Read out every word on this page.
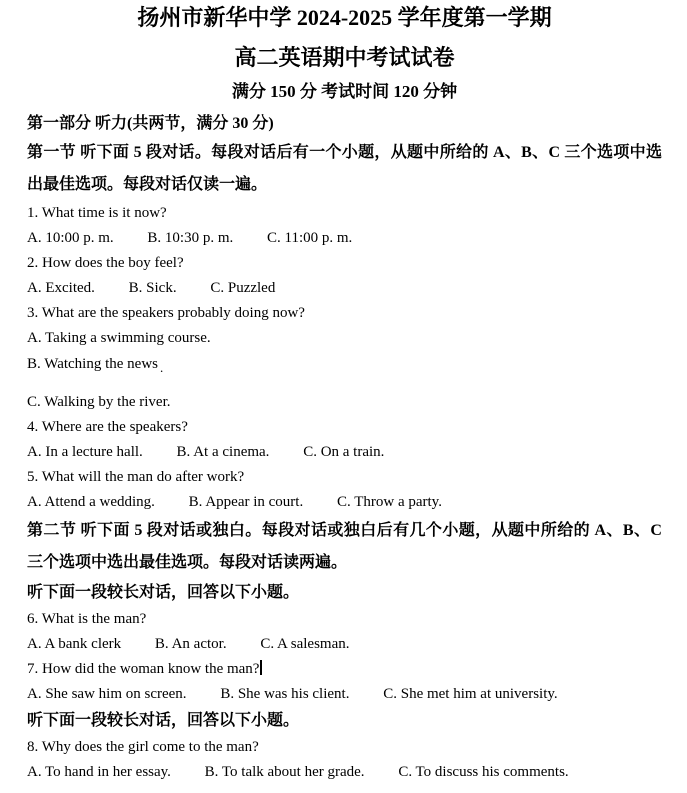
扬州市新华中学 2024-2025 学年度第一学期
高二英语期中考试试卷

满分 150 分 考试时间 120 分钟

第一部分 听力(共两节，满分 30 分)

第一节 听下面 5 段对话。每段对话后有一个小题，从题中所给的 A、B、C 三个选项中选出最佳选项。每段对话仅读一遍。

1. What time is it now?

A. 10:00 p. m. B. 10:30 p. m. C. 11:00 p. m.

2. How does the boy feel?

A. Excited. B. Sick. C. Puzzled

3. What are the speakers probably doing now?

A. Taking a swimming course.

B. Watching the news .

C. Walking by the river.

4. Where are the speakers?

A. In a lecture hall. B. At a cinema. C. On a train.

5. What will the man do after work?

A. Attend a wedding. B. Appear in court. C. Throw a party.

第二节 听下面 5 段对话或独白。每段对话或独白后有几个小题，从题中所给的 A、B、C 三个选项中选出最佳选项。每段对话读两遍。

听下面一段较长对话，回答以下小题。

6. What is the man?

A. A bank clerk B. An actor. C. A salesman.

7. How did the woman know the man?

A. She saw him on screen. B. She was his client. C. She met him at university.

听下面一段较长对话，回答以下小题。

8. Why does the girl come to the man?

A. To hand in her essay. B. To talk about her grade. C. To discuss his comments.
